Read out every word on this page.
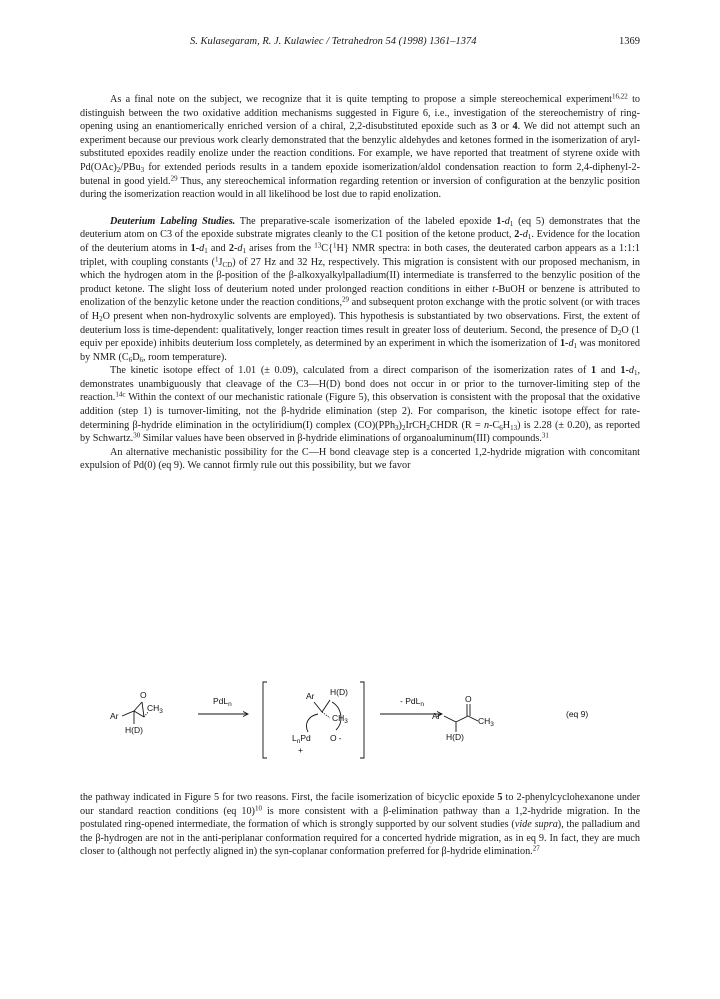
S. Kulasegaram, R. J. Kulawiec / Tetrahedron 54 (1998) 1361–1374	1369

As a final note on the subject, we recognize that it is quite tempting to propose a simple stereochemical experiment$^{16,22}$ to distinguish between the two oxidative addition mechanisms suggested in Figure 6, i.e., investigation of the stereochemistry of ring-opening using an enantiomerically enriched version of a chiral, 2,2-disubstituted epoxide such as 3 or 4. We did not attempt such an experiment because our previous work clearly demonstrated that the benzylic aldehydes and ketones formed in the isomerization of aryl-substituted epoxides readily enolize under the reaction conditions. For example, we have reported that treatment of styrene oxide with $Pd(OAc)_2/PBu_3$ for extended periods results in a tandem epoxide isomerization/aldol condensation reaction to form 2,4-diphenyl-2-butenal in good yield.$^{29}$ Thus, any stereochemical information regarding retention or inversion of configuration at the benzylic position during the isomerization reaction would in all likelihood be lost due to rapid enolization.

Deuterium Labeling Studies. The preparative-scale isomerization of the labeled epoxide $1-d_1$ (eq 5) demonstrates that the deuterium atom on C3 of the epoxide substrate migrates cleanly to the C1 position of the ketone product, $2-d_1$. Evidence for the location of the deuterium atoms in $1-d_1$ and $2-d_1$ arises from the $^{13}$C{$^1$H} NMR spectra: in both cases, the deuterated carbon appears as a 1:1:1 triplet, with coupling constants $(^1J_{CD})$ of 27 Hz and 32 Hz, respectively. This migration is consistent with our proposed mechanism, in which the hydrogen atom in the β-position of the β-alkoxyalkylpalladium(II) intermediate is transferred to the benzylic position of the product ketone. The slight loss of deuterium noted under prolonged reaction conditions in either t-BuOH or benzene is attributed to enolization of the benzylic ketone under the reaction conditions,$^{29}$ and subsequent proton exchange with the protic solvent (or with traces of $H_2O$ present when non-hydroxylic solvents are employed). This hypothesis is substantiated by two observations. First, the extent of deuterium loss is time-dependent: qualitatively, longer reaction times result in greater loss of deuterium. Second, the presence of $D_2O$ (1 equiv per epoxide) inhibits deuterium loss completely, as determined by an experiment in which the isomerization of $1-d_1$ was monitored by NMR ($C_6D_6$, room temperature).

The kinetic isotope effect of 1.01 (± 0.09), calculated from a direct comparison of the isomerization rates of 1 and $1-d_1$, demonstrates unambiguously that cleavage of the C3—H(D) bond does not occur in or prior to the turnover-limiting step of the reaction.$^{14c}$ Within the context of our mechanistic rationale (Figure 5), this observation is consistent with the proposal that the oxidative addition (step 1) is turnover-limiting, not the β-hydride elimination (step 2). For comparison, the kinetic isotope effect for rate-determining β-hydride elimination in the octyliridium(I) complex $(CO)(PPh_3)_2IrCH_2CHDR$ $(R = n-C_6H_{13})$ is 2.28 (± 0.20), as reported by Schwartz.$^{30}$ Similar values have been observed in β-hydride eliminations of organoaluminum(III) compounds.$^{31}$

An alternative mechanistic possibility for the C—H bond cleavage step is a concerted 1,2-hydride migration with concomitant expulsion of Pd(0) (eq 9). We cannot firmly rule out this possibility, but we favor

Ar
O
$CH_3$
H(D)
PdL$_n$
Ar H(D)
$CH_3$
$L_nPd$
+
O -
- PdL$_n$
O
Ar	$CH_3$
H(D)
(eq 9)

the pathway indicated in Figure 5 for two reasons. First, the facile isomerization of bicyclic epoxide 5 to 2-phenylcyclohexanone under our standard reaction conditions (eq 10)$^{10}$ is more consistent with a β-elimination pathway than a 1,2-hydride migration. In the postulated ring-opened intermediate, the formation of which is strongly supported by our solvent studies (vide supra), the palladium and the β-hydrogen are not in the anti-periplanar conformation required for a concerted hydride migration, as in eq 9. In fact, they are much closer to (although not perfectly aligned in) the syn-coplanar conformation preferred for β-hydride elimination.$^{27}$
